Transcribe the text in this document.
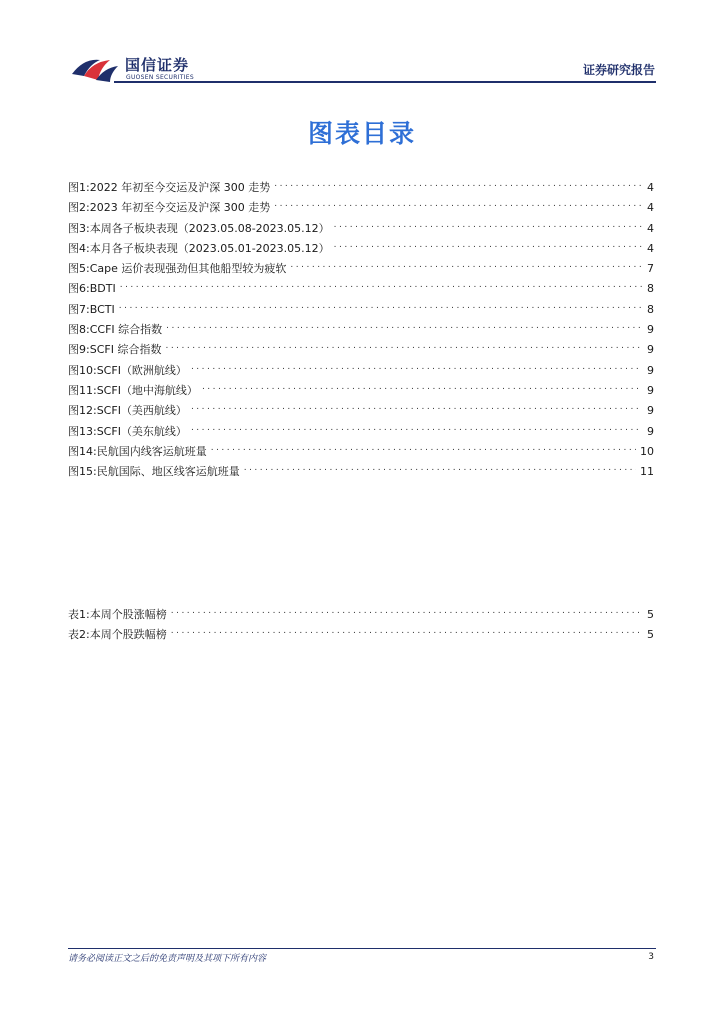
国信证券
GUOSEN SECURITIES
证券研究报告
图表目录
图1: 2022 年初至今交运及沪深 300 走势 .....	4
图2: 2023 年初至今交运及沪深 300 走势 .....	4
图3: 本周各子板块表现（2023.05.08-2023.05.12） .....	4
图4: 本月各子板块表现（2023.05.01-2023.05.12） .....	4
图5: Cape 运价表现强劲但其他船型较为疲软 .....	7
图6: BDTI .....	8
图7: BCTI .....	8
图8: CCFI 综合指数 .....	9
图9: SCFI 综合指数 .....	9
图10: SCFI（欧洲航线） .....	9
图11: SCFI（地中海航线） .....	9
图12: SCFI（美西航线） .....	9
图13: SCFI（美东航线） .....	9
图14: 民航国内线客运航班量 .....	10
图15: 民航国际、地区线客运航班量 .....	11
表1: 本周个股涨幅榜 .....	5
表2: 本周个股跌幅榜 .....	5
请务必阅读正文之后的免责声明及其项下所有内容	3
